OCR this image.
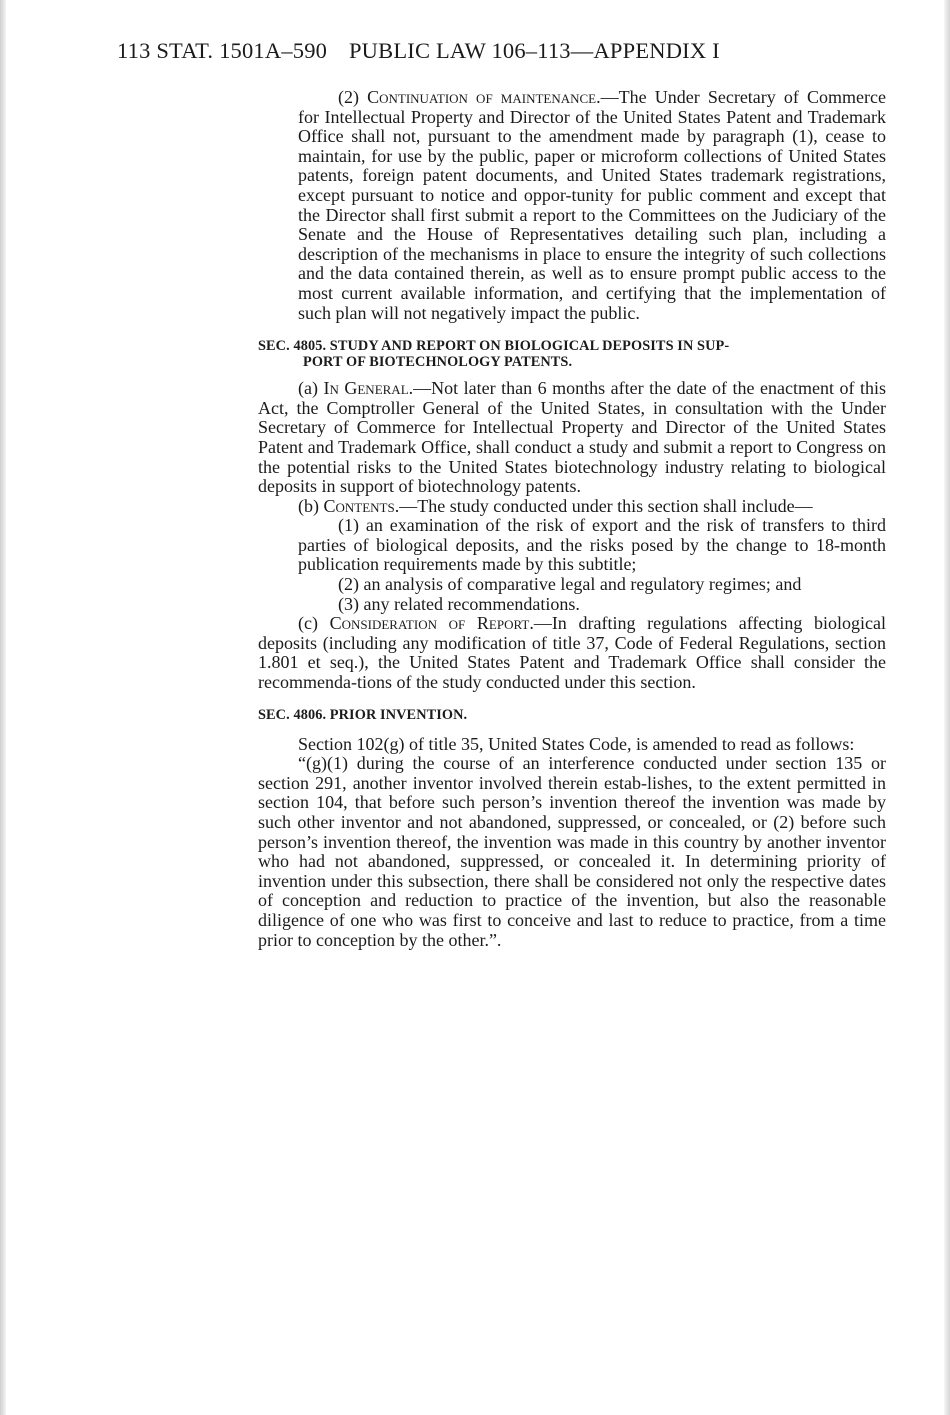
113 STAT. 1501A–590 PUBLIC LAW 106–113—APPENDIX I

(2) Continuation of maintenance.—The Under Secretary of Commerce for Intellectual Property and Director of the United States Patent and Trademark Office shall not, pursuant to the amendment made by paragraph (1), cease to maintain, for use by the public, paper or microform collections of United States patents, foreign patent documents, and United States trademark registrations, except pursuant to notice and oppor-tunity for public comment and except that the Director shall first submit a report to the Committees on the Judiciary of the Senate and the House of Representatives detailing such plan, including a description of the mechanisms in place to ensure the integrity of such collections and the data contained therein, as well as to ensure prompt public access to the most current available information, and certifying that the implementation of such plan will not negatively impact the public.

SEC. 4805. STUDY AND REPORT ON BIOLOGICAL DEPOSITS IN SUP-
PORT OF BIOTECHNOLOGY PATENTS.

(a) In General.—Not later than 6 months after the date of the enactment of this Act, the Comptroller General of the United States, in consultation with the Under Secretary of Commerce for Intellectual Property and Director of the United States Patent and Trademark Office, shall conduct a study and submit a report to Congress on the potential risks to the United States biotechnology industry relating to biological deposits in support of biotechnology patents.

(b) Contents.—The study conducted under this section shall include—

(1) an examination of the risk of export and the risk of transfers to third parties of biological deposits, and the risks posed by the change to 18-month publication requirements made by this subtitle;

(2) an analysis of comparative legal and regulatory regimes; and

(3) any related recommendations.

(c) Consideration of Report.—In drafting regulations affecting biological deposits (including any modification of title 37, Code of Federal Regulations, section 1.801 et seq.), the United States Patent and Trademark Office shall consider the recommenda-tions of the study conducted under this section.

SEC. 4806. PRIOR INVENTION.

Section 102(g) of title 35, United States Code, is amended to read as follows:

“(g)(1) during the course of an interference conducted under section 135 or section 291, another inventor involved therein estab-lishes, to the extent permitted in section 104, that before such person’s invention thereof the invention was made by such other inventor and not abandoned, suppressed, or concealed, or (2) before such person’s invention thereof, the invention was made in this country by another inventor who had not abandoned, suppressed, or concealed it. In determining priority of invention under this subsection, there shall be considered not only the respective dates of conception and reduction to practice of the invention, but also the reasonable diligence of one who was first to conceive and last to reduce to practice, from a time prior to conception by the other.”.
